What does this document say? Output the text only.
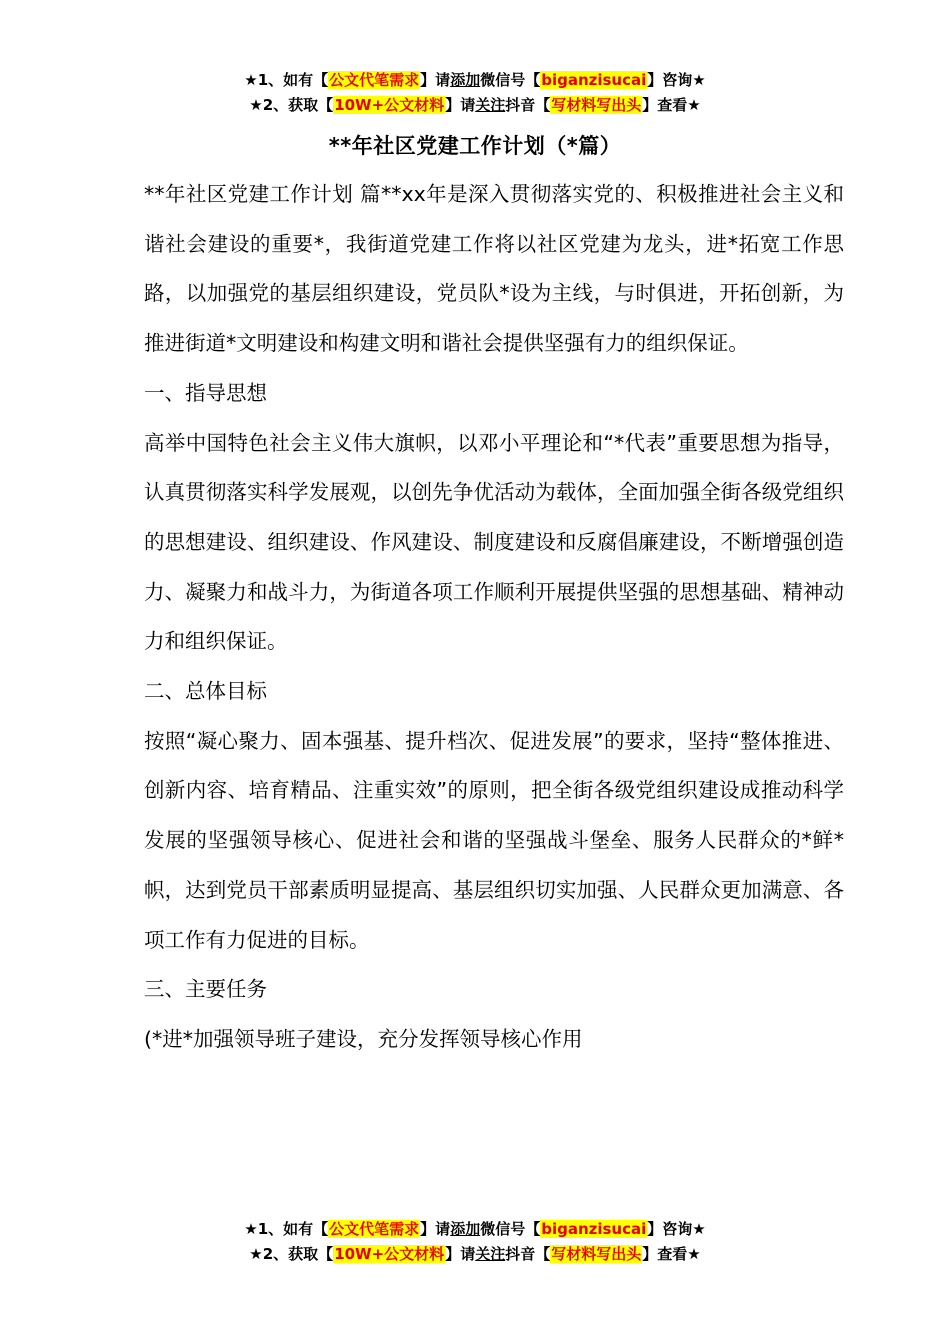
★1、如有【公文代笔需求】请添加微信号【biganzisucai】咨询★
★2、获取【10W+公文材料】请关注抖音【写材料写出头】查看★
**年社区党建工作计划（*篇）

**年社区党建工作计划 篇**xx年是深入贯彻落实党的、积极推进社会主义和谐社会建设的重要*，我街道党建工作将以社区党建为龙头，进*拓宽工作思路，以加强党的基层组织建设，党员队*设为主线，与时俱进，开拓创新，为推进街道*文明建设和构建文明和谐社会提供坚强有力的组织保证。

一、指导思想

高举中国特色社会主义伟大旗帜，以邓小平理论和“*代表”重要思想为指导，认真贯彻落实科学发展观，以创先争优活动为载体，全面加强全街各级党组织的思想建设、组织建设、作风建设、制度建设和反腐倡廉建设，不断增强创造力、凝聚力和战斗力，为街道各项工作顺利开展提供坚强的思想基础、精神动力和组织保证。

二、总体目标

按照“凝心聚力、固本强基、提升档次、促进发展”的要求，坚持“整体推进、创新内容、培育精品、注重实效”的原则，把全街各级党组织建设成推动科学发展的坚强领导核心、促进社会和谐的坚强战斗堡垒、服务人民群众的*鲜*帜，达到党员干部素质明显提高、基层组织切实加强、人民群众更加满意、各项工作有力促进的目标。

三、主要任务

(*进*加强领导班子建设，充分发挥领导核心作用

★1、如有【公文代笔需求】请添加微信号【biganzisucai】咨询★
★2、获取【10W+公文材料】请关注抖音【写材料写出头】查看★
